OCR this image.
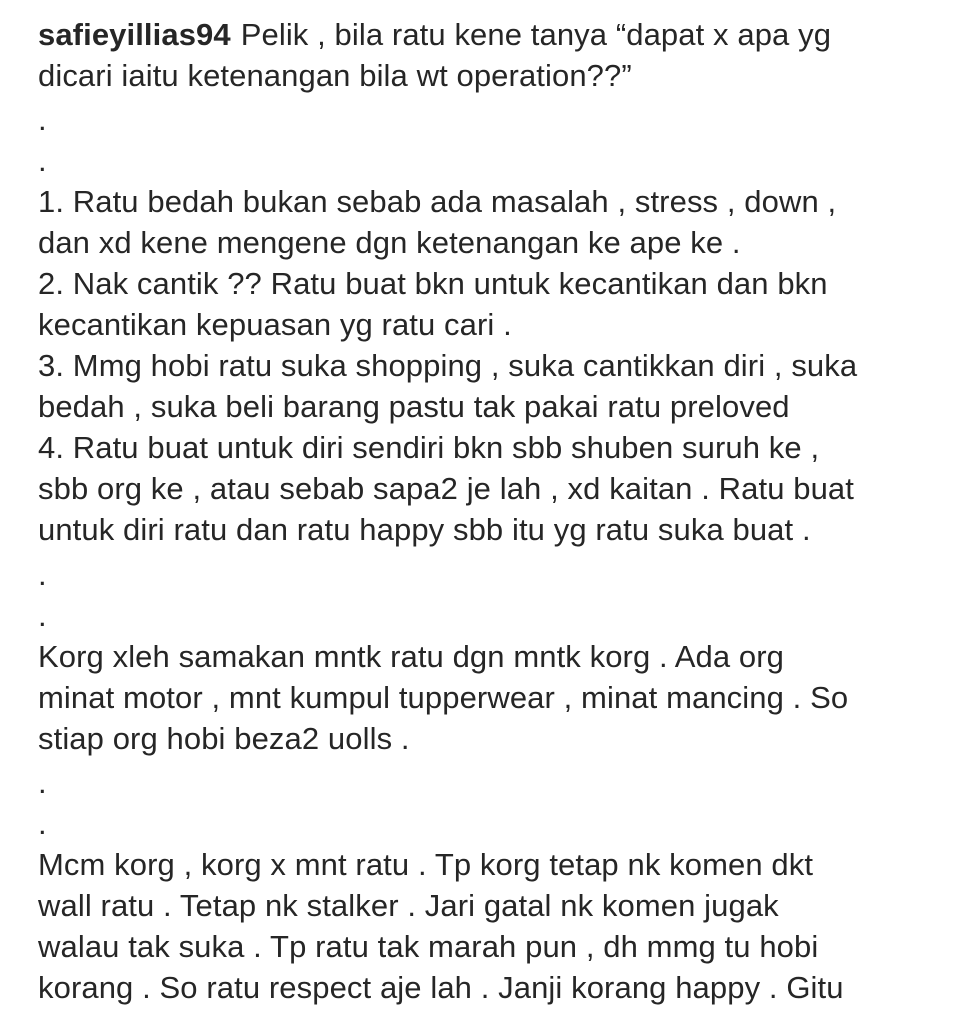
safieyillias94 Pelik , bila ratu kene tanya “dapat x apa yg
dicari iaitu ketenangan bila wt operation??”
.
.
1. Ratu bedah bukan sebab ada masalah , stress , down ,
dan xd kene mengene dgn ketenangan ke ape ke .
2. Nak cantik ?? Ratu buat bkn untuk kecantikan dan bkn
kecantikan kepuasan yg ratu cari .
3. Mmg hobi ratu suka shopping , suka cantikkan diri , suka
bedah , suka beli barang pastu tak pakai ratu preloved
4. Ratu buat untuk diri sendiri bkn sbb shuben suruh ke ,
sbb org ke , atau sebab sapa2 je lah , xd kaitan . Ratu buat
untuk diri ratu dan ratu happy sbb itu yg ratu suka buat .
.
.
Korg xleh samakan mntk ratu dgn mntk korg . Ada org
minat motor , mnt kumpul tupperwear , minat mancing . So
stiap org hobi beza2 uolls .
.
.
Mcm korg , korg x mnt ratu . Tp korg tetap nk komen dkt
wall ratu . Tetap nk stalker . Jari gatal nk komen jugak
walau tak suka . Tp ratu tak marah pun , dh mmg tu hobi
korang . So ratu respect aje lah . Janji korang happy . Gitu
